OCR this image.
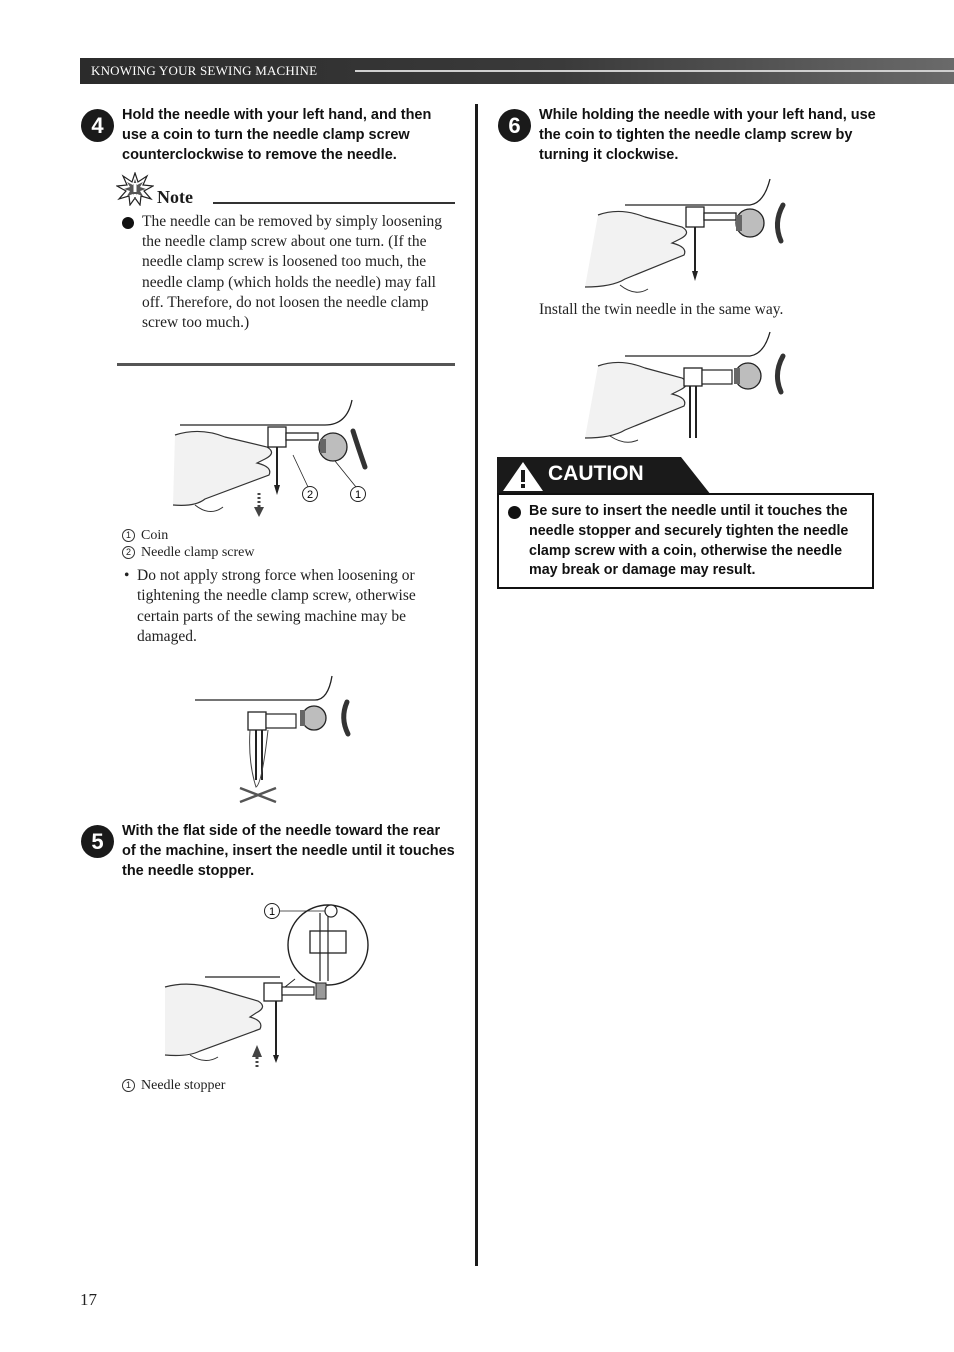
KNOWING YOUR SEWING MACHINE
4	Hold the needle with your left hand, and then use a coin to turn the needle clamp screw counterclockwise to remove the needle.
Note
The needle can be removed by simply loosening the needle clamp screw about one turn. (If the needle clamp screw is loosened too much, the needle clamp (which holds the needle) may fall off. Therefore, do not loosen the needle clamp screw too much.)
2	1
1 Coin
2 Needle clamp screw
• Do not apply strong force when loosening or tightening the needle clamp screw, otherwise certain parts of the sewing machine may be damaged.
5	With the flat side of the needle toward the rear of the machine, insert the needle until it touches the needle stopper.
1
1 Needle stopper
6	While holding the needle with your left hand, use the coin to tighten the needle clamp screw by turning it clockwise.
Install the twin needle in the same way.
CAUTION
Be sure to insert the needle until it touches the needle stopper and securely tighten the needle clamp screw with a coin, otherwise the needle may break or damage may result.
17
